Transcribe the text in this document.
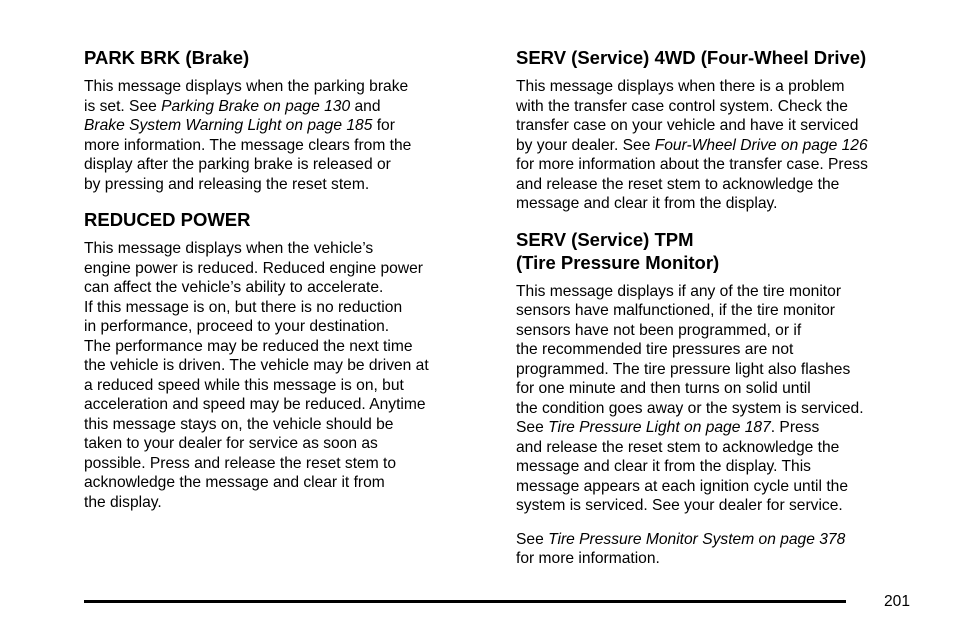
PARK BRK (Brake)

This message displays when the parking brake
is set. See Parking Brake on page 130 and
Brake System Warning Light on page 185 for
more information. The message clears from the
display after the parking brake is released or
by pressing and releasing the reset stem.

REDUCED POWER

This message displays when the vehicle’s
engine power is reduced. Reduced engine power
can affect the vehicle’s ability to accelerate.
If this message is on, but there is no reduction
in performance, proceed to your destination.
The performance may be reduced the next time
the vehicle is driven. The vehicle may be driven at
a reduced speed while this message is on, but
acceleration and speed may be reduced. Anytime
this message stays on, the vehicle should be
taken to your dealer for service as soon as
possible. Press and release the reset stem to
acknowledge the message and clear it from
the display.

SERV (Service) 4WD (Four-Wheel Drive)

This message displays when there is a problem
with the transfer case control system. Check the
transfer case on your vehicle and have it serviced
by your dealer. See Four-Wheel Drive on page 126
for more information about the transfer case. Press
and release the reset stem to acknowledge the
message and clear it from the display.

SERV (Service) TPM
(Tire Pressure Monitor)

This message displays if any of the tire monitor
sensors have malfunctioned, if the tire monitor
sensors have not been programmed, or if
the recommended tire pressures are not
programmed. The tire pressure light also flashes
for one minute and then turns on solid until
the condition goes away or the system is serviced.
See Tire Pressure Light on page 187. Press
and release the reset stem to acknowledge the
message and clear it from the display. This
message appears at each ignition cycle until the
system is serviced. See your dealer for service.

See Tire Pressure Monitor System on page 378
for more information.

201
